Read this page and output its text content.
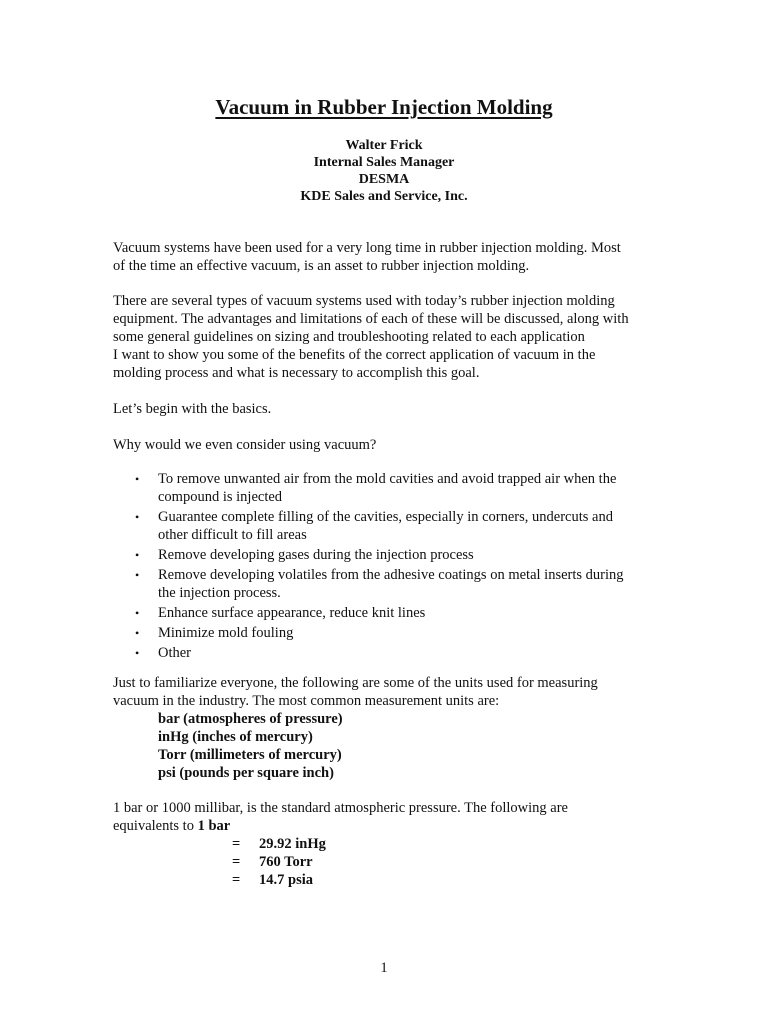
Vacuum in Rubber Injection Molding
Walter Frick
Internal Sales Manager
DESMA
KDE Sales and Service, Inc.

Vacuum systems have been used for a very long time in rubber injection molding. Most
of the time an effective vacuum, is an asset to rubber injection molding.

There are several types of vacuum systems used with today’s rubber injection molding
equipment. The advantages and limitations of each of these will be discussed, along with
some general guidelines on sizing and troubleshooting related to each application
I want to show you some of the benefits of the correct application of vacuum in the
molding process and what is necessary to accomplish this goal.

Let’s begin with the basics.

Why would we even consider using vacuum?

• To remove unwanted air from the mold cavities and avoid trapped air when the
compound is injected
• Guarantee complete filling of the cavities, especially in corners, undercuts and
other difficult to fill areas
• Remove developing gases during the injection process
• Remove developing volatiles from the adhesive coatings on metal inserts during
the injection process.
• Enhance surface appearance, reduce knit lines
• Minimize mold fouling
• Other

Just to familiarize everyone, the following are some of the units used for measuring
vacuum in the industry. The most common measurement units are:

bar (atmospheres of pressure)
inHg (inches of mercury)
Torr (millimeters of mercury)
psi (pounds per square inch)

1 bar or 1000 millibar, is the standard atmospheric pressure. The following are
equivalents to 1 bar

= 29.92 inHg
= 760 Torr
= 14.7 psia
1
